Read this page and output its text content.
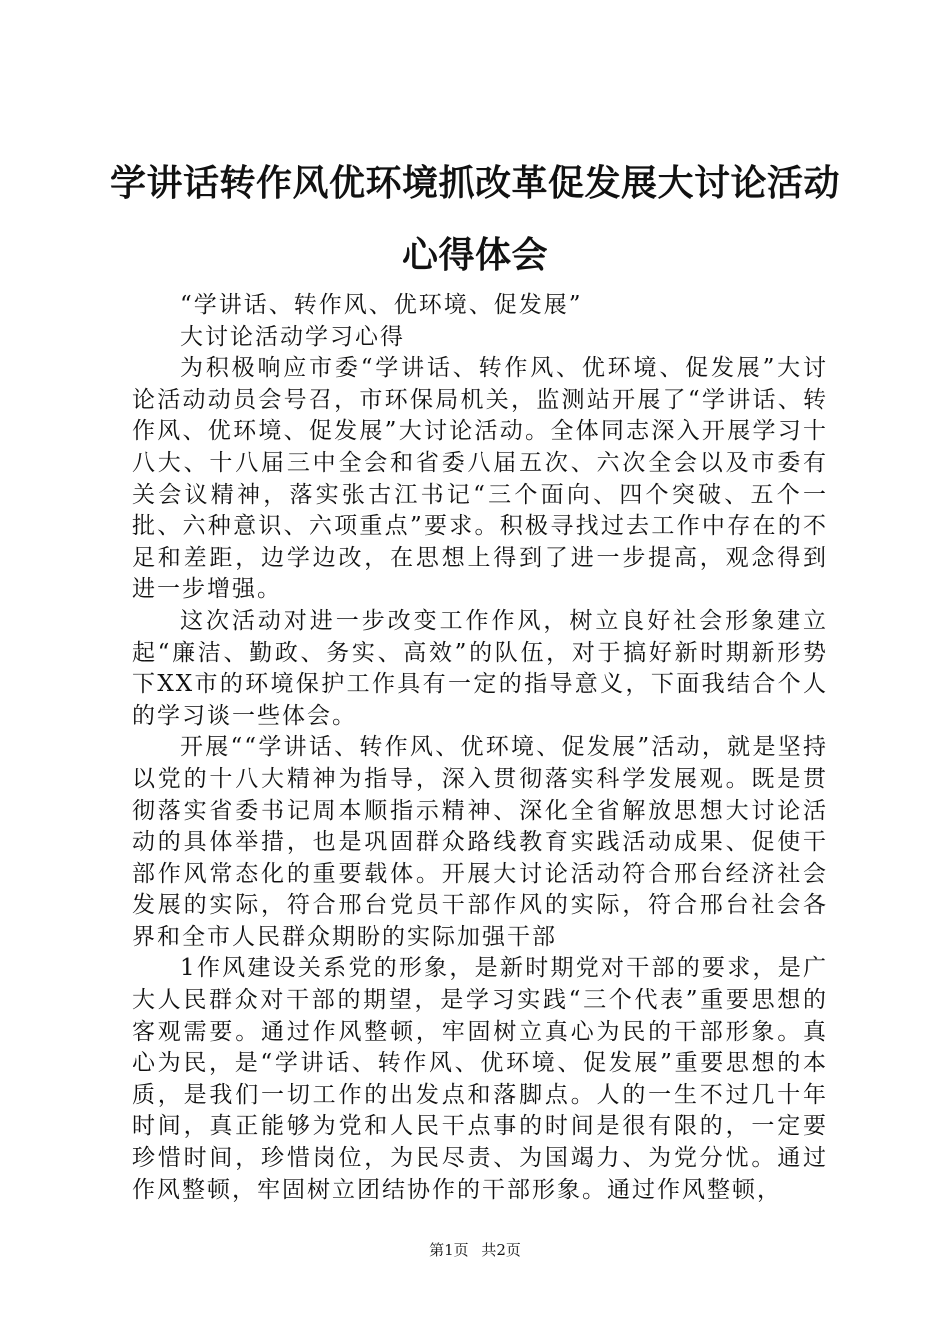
学讲话转作风优环境抓改革促发展大讨论活动
心得体会

“学讲话、转作风、优环境、促发展”

大讨论活动学习心得

为积极响应市委“学讲话、转作风、优环境、促发展”大讨论活动动员会号召，市环保局机关，监测站开展了“学讲话、转作风、优环境、促发展”大讨论活动。全体同志深入开展学习十八大、十八届三中全会和省委八届五次、六次全会以及市委有关会议精神，落实张古江书记“三个面向、四个突破、五个一批、六种意识、六项重点”要求。积极寻找过去工作中存在的不足和差距，边学边改，在思想上得到了进一步提高，观念得到进一步增强。

这次活动对进一步改变工作作风，树立良好社会形象建立起“廉洁、勤政、务实、高效”的队伍，对于搞好新时期新形势下XX市的环境保护工作具有一定的指导意义，下面我结合个人的学习谈一些体会。

开展““学讲话、转作风、优环境、促发展”活动，就是坚持以党的十八大精神为指导，深入贯彻落实科学发展观。既是贯彻落实省委书记周本顺指示精神、深化全省解放思想大讨论活动的具体举措，也是巩固群众路线教育实践活动成果、促使干部作风常态化的重要载体。开展大讨论活动符合邢台经济社会发展的实际，符合邢台党员干部作风的实际，符合邢台社会各界和全市人民群众期盼的实际加强干部

1作风建设关系党的形象，是新时期党对干部的要求，是广大人民群众对干部的期望，是学习实践“三个代表”重要思想的客观需要。通过作风整顿，牢固树立真心为民的干部形象。真心为民，是“学讲话、转作风、优环境、促发展”重要思想的本质，是我们一切工作的出发点和落脚点。人的一生不过几十年时间，真正能够为党和人民干点事的时间是很有限的，一定要珍惜时间，珍惜岗位，为民尽责、为国竭力、为党分忧。通过作风整顿，牢固树立团结协作的干部形象。通过作风整顿，

第1页 共2页
